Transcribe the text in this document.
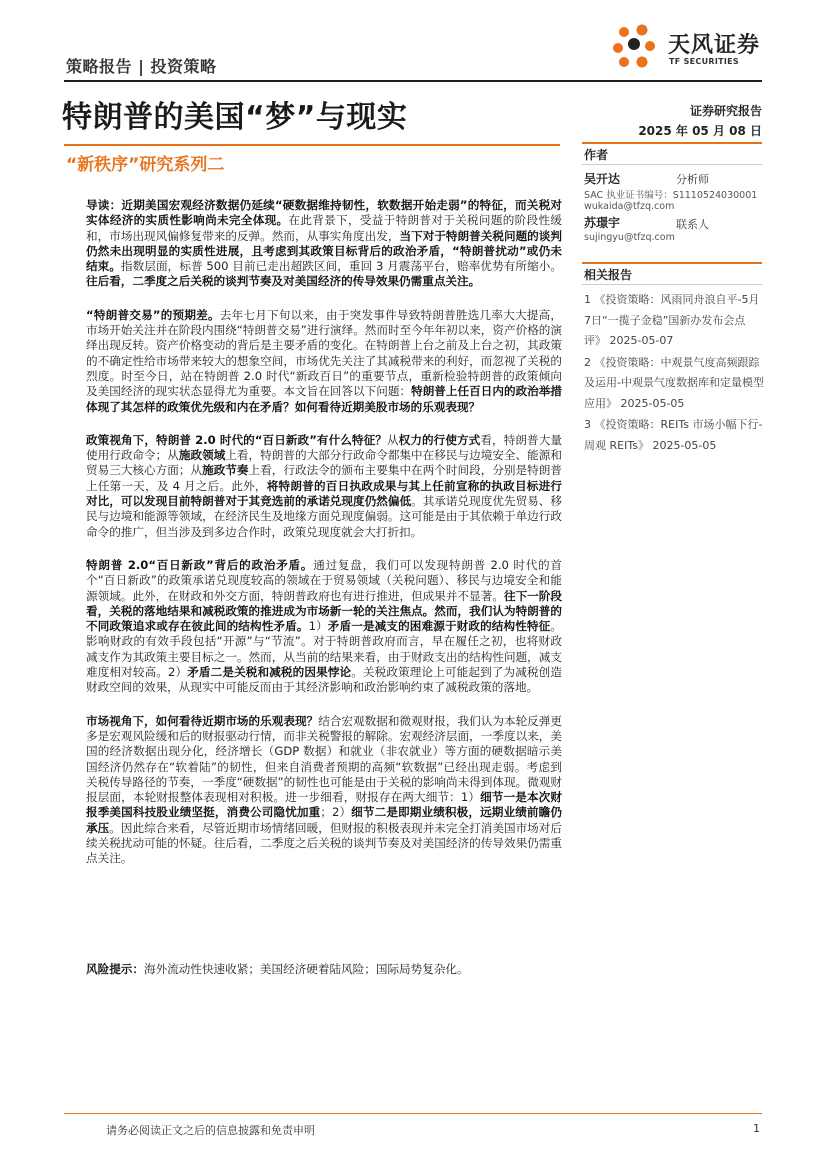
策略报告 | 投资策略
天风证券
TF SECURITIES
特朗普的美国“梦”与现实
“新秩序”研究系列二
证券研究报告
2025 年 05 月 08 日
作者
吴开达	分析师
SAC 执业证书编号：S1110524030001
wukaida@tfzq.com
苏璟宇	联系人
sujingyu@tfzq.com
相关报告

1 《投资策略：风雨同舟浪自平-5月7日“一揽子金稳”国新办发布会点评》 2025-05-07

2 《投资策略：中观景气度高频跟踪及运用-中观景气度数据库和定量模型应用》 2025-05-05

3 《投资策略：REITs 市场小幅下行-周观 REITs》 2025-05-05

导读：近期美国宏观经济数据仍延续“硬数据维持韧性，软数据开始走弱”的特征，而关税对实体经济的实质性影响尚未完全体现。在此背景下，受益于特朗普对于关税问题的阶段性缓和，市场出现风偏修复带来的反弹。然而，从事实角度出发，当下对于特朗普关税问题的谈判仍然未出现明显的实质性进展，且考虑到其政策目标背后的政治矛盾，“特朗普扰动”或仍未结束。指数层面，标普 500 目前已走出超跌区间，重回 3 月震荡平台，赔率优势有所缩小。往后看，二季度之后关税的谈判节奏及对美国经济的传导效果仍需重点关注。

“特朗普交易”的预期差。去年七月下旬以来，由于突发事件导致特朗普胜选几率大大提高，市场开始关注并在阶段内围绕“特朗普交易”进行演绎。然而时至今年年初以来，资产价格的演绎出现反转。资产价格变动的背后是主要矛盾的变化。在特朗普上台之前及上台之初，其政策的不确定性给市场带来较大的想象空间，市场优先关注了其减税带来的利好，而忽视了关税的烈度。时至今日，站在特朗普 2.0 时代“新政百日”的重要节点，重新检验特朗普的政策倾向及美国经济的现实状态显得尤为重要。本文旨在回答以下问题：特朗普上任百日内的政治举措体现了其怎样的政策优先级和内在矛盾？如何看待近期美股市场的乐观表现？

政策视角下，特朗普 2.0 时代的“百日新政”有什么特征？从权力的行使方式看，特朗普大量使用行政命令；从施政领域上看，特朗普的大部分行政命令都集中在移民与边境安全、能源和贸易三大核心方面；从施政节奏上看，行政法令的颁布主要集中在两个时间段，分别是特朗普上任第一天，及 4 月之后。此外，将特朗普的百日执政成果与其上任前宣称的执政目标进行对比，可以发现目前特朗普对于其竞选前的承诺兑现度仍然偏低。其承诺兑现度优先贸易、移民与边境和能源等领域，在经济民生及地缘方面兑现度偏弱。这可能是由于其依赖于单边行政命令的推广，但当涉及到多边合作时，政策兑现度就会大打折扣。

特朗普 2.0“百日新政”背后的政治矛盾。通过复盘，我们可以发现特朗普 2.0 时代的首个“百日新政”的政策承诺兑现度较高的领域在于贸易领域（关税问题）、移民与边境安全和能源领域。此外，在财政和外交方面，特朗普政府也有进行推进，但成果并不显著。往下一阶段看，关税的落地结果和减税政策的推进成为市场新一轮的关注焦点。然而，我们认为特朗普的不同政策追求或存在彼此间的结构性矛盾。1）矛盾一是减支的困难源于财政的结构性特征。影响财政的有效手段包括“开源”与“节流”。对于特朗普政府而言，早在履任之初，也将财政减支作为其政策主要目标之一。然而，从当前的结果来看，由于财政支出的结构性问题，减支难度相对较高。2）矛盾二是关税和减税的因果悖论。关税政策理论上可能起到了为减税创造财政空间的效果，从现实中可能反而由于其经济影响和政治影响约束了减税政策的落地。

市场视角下，如何看待近期市场的乐观表现？结合宏观数据和微观财报，我们认为本轮反弹更多是宏观风险缓和后的财报驱动行情，而非关税警报的解除。宏观经济层面，一季度以来，美国的经济数据出现分化，经济增长（GDP 数据）和就业（非农就业）等方面的硬数据暗示美国经济仍然存在“软着陆”的韧性，但来自消费者预期的高频“软数据”已经出现走弱。考虑到关税传导路径的节奏，一季度“硬数据”的韧性也可能是由于关税的影响尚未得到体现。微观财报层面，本轮财报整体表现相对积极。进一步细看，财报存在两大细节：1）细节一是本次财报季美国科技股业绩坚挺，消费公司隐忧加重；2）细节二是即期业绩积极，远期业绩前瞻仍承压。因此综合来看，尽管近期市场情绪回暖，但财报的积极表现并未完全打消美国市场对后续关税扰动可能的怀疑。往后看，二季度之后关税的谈判节奏及对美国经济的传导效果仍需重点关注。

风险提示：海外流动性快速收紧；美国经济硬着陆风险；国际局势复杂化。
请务必阅读正文之后的信息披露和免责申明	1
